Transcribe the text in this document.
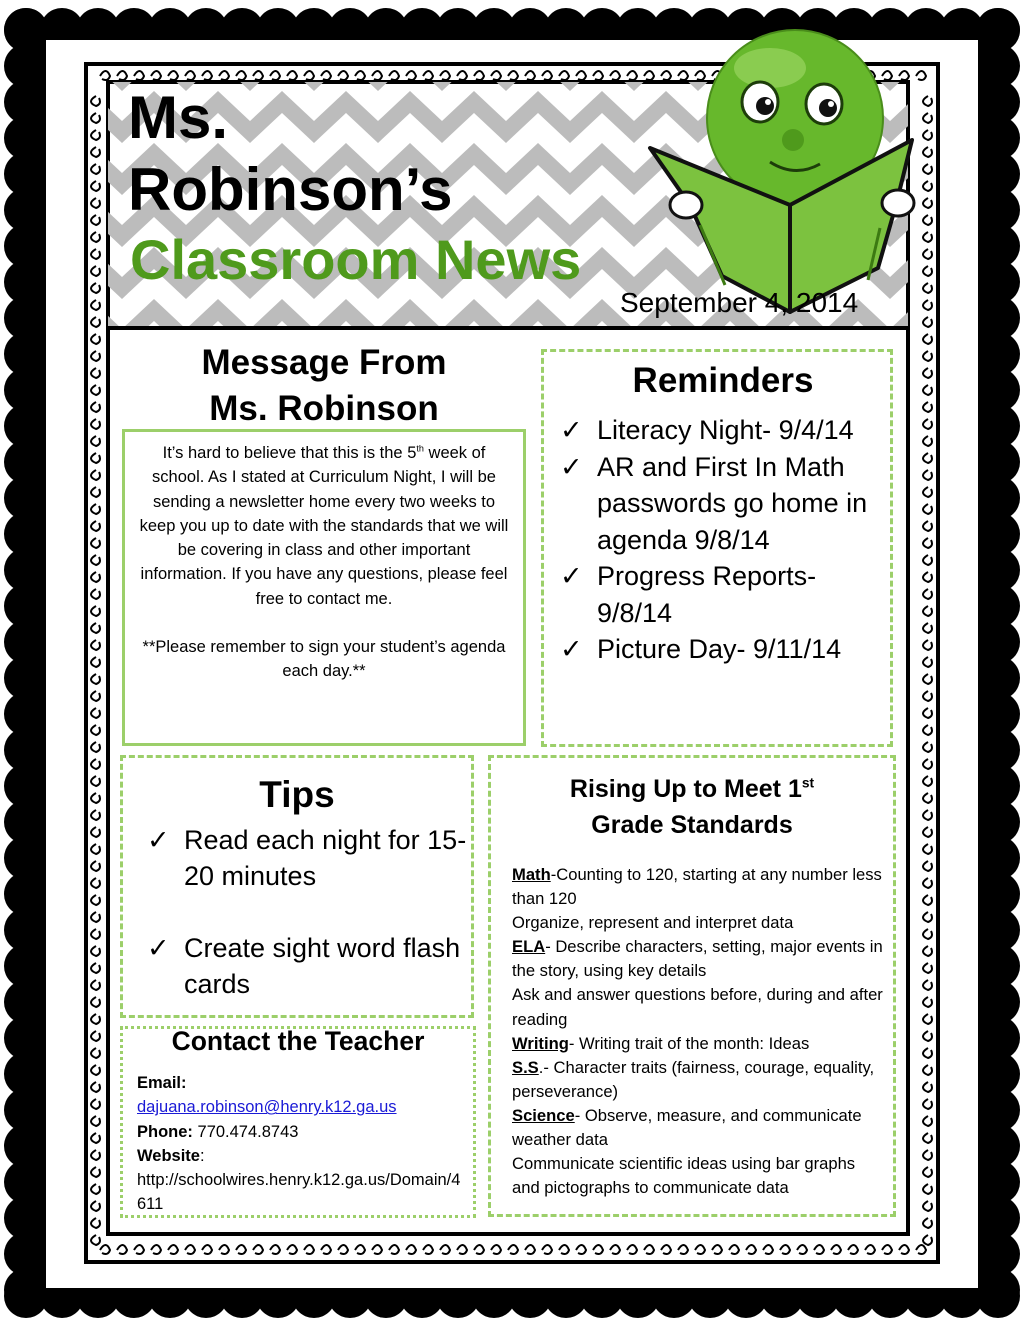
Ms.
Robinson’s
Classroom News
September 4, 2014
Message From
Ms. Robinson

It’s hard to believe that this is the 5th week of school. As I stated at Curriculum Night, I will be sending a newsletter home every two weeks to keep you up to date with the standards that we will be covering in class and other important information. If you have any questions, please feel free to contact me.

**Please remember to sign your student’s agenda each day.**

Reminders
✓ Literacy Night- 9/4/14
✓ AR and First In Math passwords go home in agenda 9/8/14
✓ Progress Reports- 9/8/14
✓ Picture Day- 9/11/14
Tips
✓ Read each night for 15-20 minutes
✓ Create sight word flash cards
Contact the Teacher
Email:
dajuana.robinson@henry.k12.ga.us
Phone: 770.474.8743
Website:
http://schoolwires.henry.k12.ga.us/Domain/4611
Rising Up to Meet 1st
Grade Standards
Math-Counting to 120, starting at any number less than 120
Organize, represent and interpret data
ELA- Describe characters, setting, major events in the story, using key details
Ask and answer questions before, during and after reading
Writing- Writing trait of the month: Ideas
S.S.- Character traits (fairness, courage, equality, perseverance)
Science- Observe, measure, and communicate weather data
Communicate scientific ideas using bar graphs and pictographs to communicate data
